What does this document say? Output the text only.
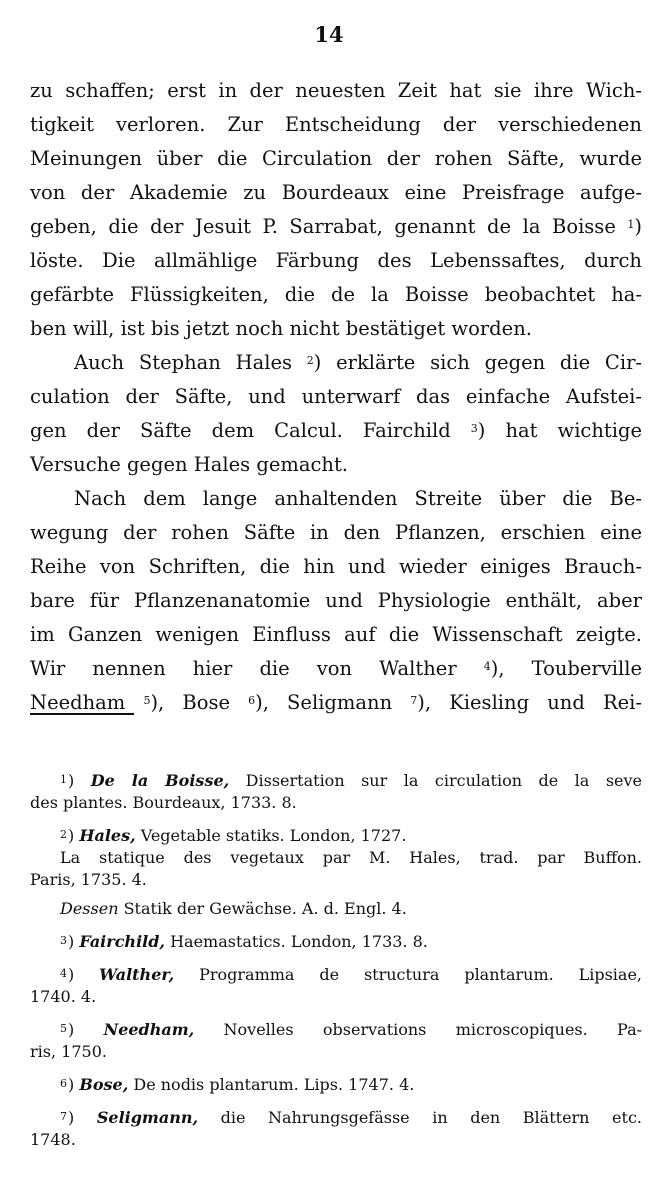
14
zu schaffen; erst in der neuesten Zeit hat sie ihre Wich-
tigkeit verloren. Zur Entscheidung der verschiedenen
Meinungen über die Circulation der rohen Säfte, wurde
von der Akademie zu Bourdeaux eine Preisfrage aufge-
geben, die der Jesuit P. Sarrabat, genannt de la Boisse $^1$)
löste. Die allmählige Färbung des Lebenssaftes, durch
gefärbte Flüssigkeiten, die de la Boisse beobachtet ha-
ben will, ist bis jetzt noch nicht bestätiget worden.
Auch Stephan Hales $^2$) erklärte sich gegen die Cir-
culation der Säfte, und unterwarf das einfache Aufstei-
gen der Säfte dem Calcul. Fairchild $^3$) hat wichtige
Versuche gegen Hales gemacht.
Nach dem lange anhaltenden Streite über die Be-
wegung der rohen Säfte in den Pflanzen, erschien eine
Reihe von Schriften, die hin und wieder einiges Brauch-
bare für Pflanzenanatomie und Physiologie enthält, aber
im Ganzen wenigen Einfluss auf die Wissenschaft zeigte.
Wir nennen hier die von Walther $^4$), Touberville
Needham $^5$), Bose $^6$), Seligmann $^7$), Kiesling und Rei-
$^1$) De la Boisse, Dissertation sur la circulation de la seve
des plantes. Bourdeaux, 1733. 8.
$^2$) Hales, Vegetable statiks. London, 1727.
La statique des vegetaux par M. Hales, trad. par Buffon.
Paris, 1735. 4.
Dessen Statik der Gewächse. A. d. Engl. 4.
$^3$) Fairchild, Haemastatics. London, 1733. 8.
$^4$) Walther, Programma de structura plantarum. Lipsiae,
1740. 4.
$^5$) Needham, Novelles observations microscopiques. Pa-
ris, 1750.
$^6$) Bose, De nodis plantarum. Lips. 1747. 4.
$^7$) Seligmann, die Nahrungsgefässe in den Blättern etc.
1748.
